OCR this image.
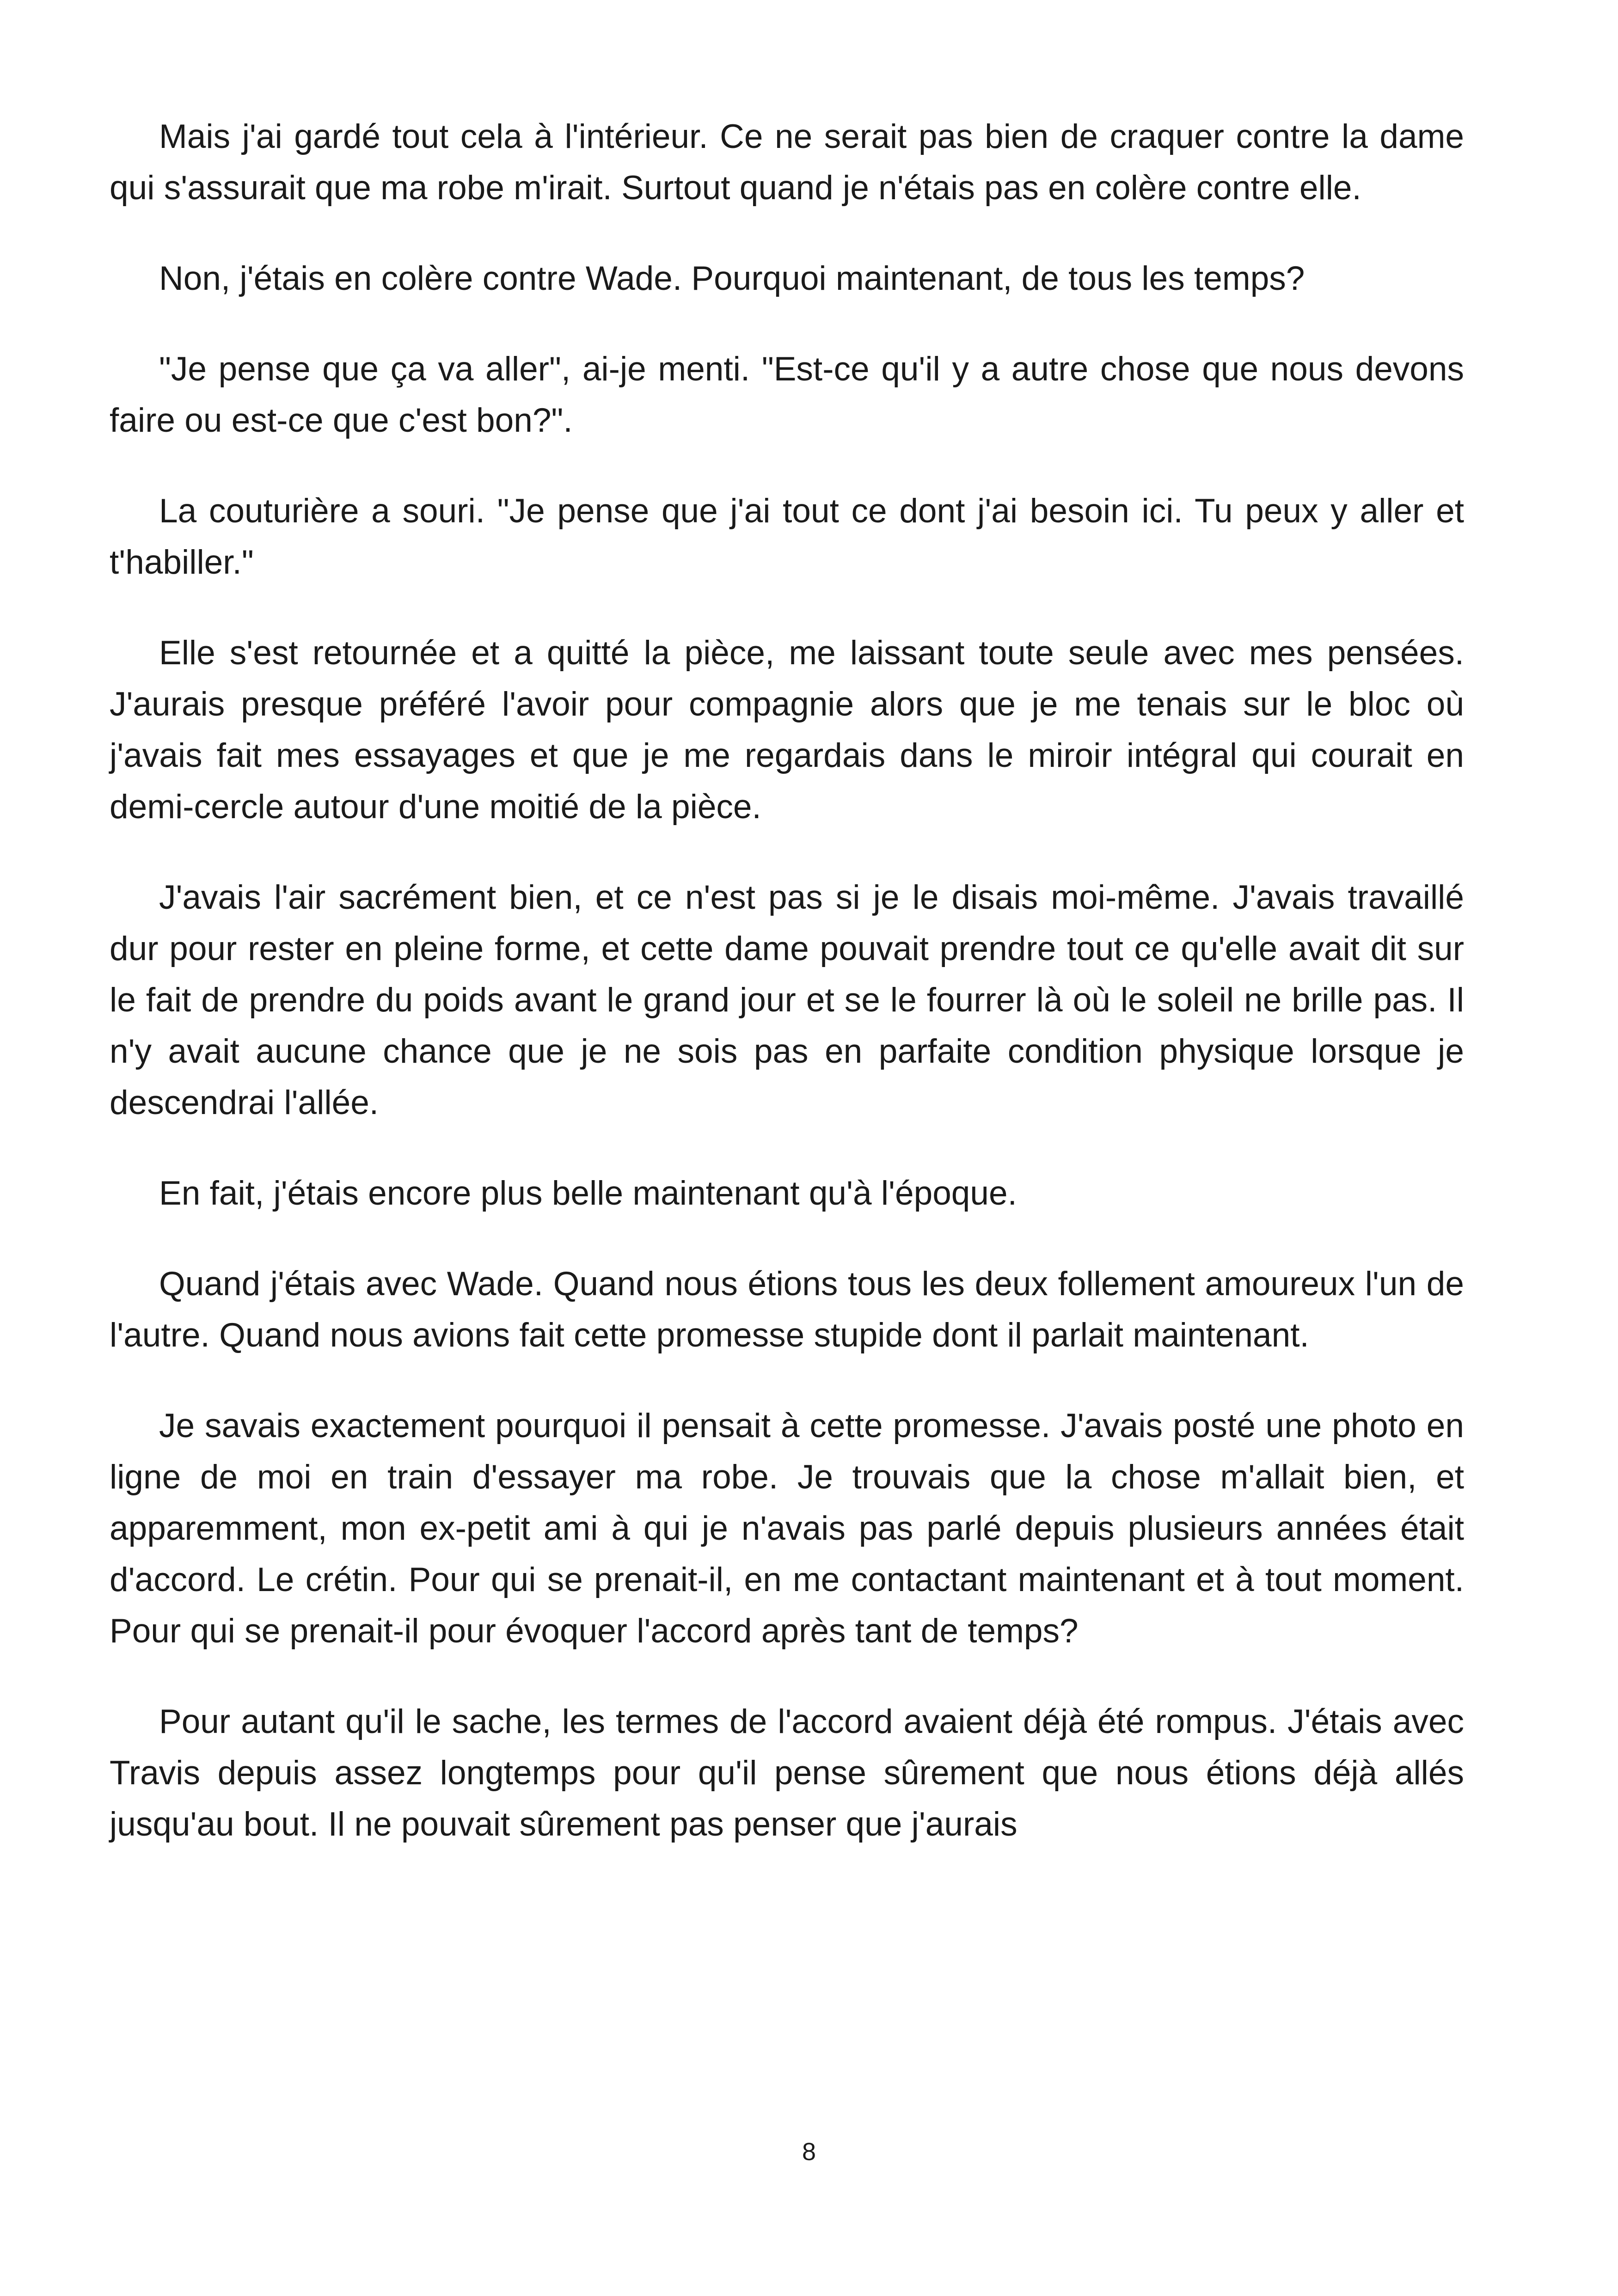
Mais j'ai gardé tout cela à l'intérieur. Ce ne serait pas bien de craquer contre la dame qui s'assurait que ma robe m'irait. Surtout quand je n'étais pas en colère contre elle.

Non, j'étais en colère contre Wade. Pourquoi maintenant, de tous les temps?

"Je pense que ça va aller", ai-je menti. "Est-ce qu'il y a autre chose que nous devons faire ou est-ce que c'est bon?".

La couturière a souri. "Je pense que j'ai tout ce dont j'ai besoin ici. Tu peux y aller et t'habiller."

Elle s'est retournée et a quitté la pièce, me laissant toute seule avec mes pensées. J'aurais presque préféré l'avoir pour compagnie alors que je me tenais sur le bloc où j'avais fait mes essayages et que je me regardais dans le miroir intégral qui courait en demi-cercle autour d'une moitié de la pièce.

J'avais l'air sacrément bien, et ce n'est pas si je le disais moi-même. J'avais travaillé dur pour rester en pleine forme, et cette dame pouvait prendre tout ce qu'elle avait dit sur le fait de prendre du poids avant le grand jour et se le fourrer là où le soleil ne brille pas. Il n'y avait aucune chance que je ne sois pas en parfaite condition physique lorsque je descendrai l'allée.

En fait, j'étais encore plus belle maintenant qu'à l'époque.

Quand j'étais avec Wade. Quand nous étions tous les deux follement amoureux l'un de l'autre. Quand nous avions fait cette promesse stupide dont il parlait maintenant.

Je savais exactement pourquoi il pensait à cette promesse. J'avais posté une photo en ligne de moi en train d'essayer ma robe. Je trouvais que la chose m'allait bien, et apparemment, mon ex-petit ami à qui je n'avais pas parlé depuis plusieurs années était d'accord. Le crétin. Pour qui se prenait-il, en me contactant maintenant et à tout moment. Pour qui se prenait-il pour évoquer l'accord après tant de temps?

Pour autant qu'il le sache, les termes de l'accord avaient déjà été rompus. J'étais avec Travis depuis assez longtemps pour qu'il pense sûrement que nous étions déjà allés jusqu'au bout. Il ne pouvait sûrement pas penser que j'aurais

8
